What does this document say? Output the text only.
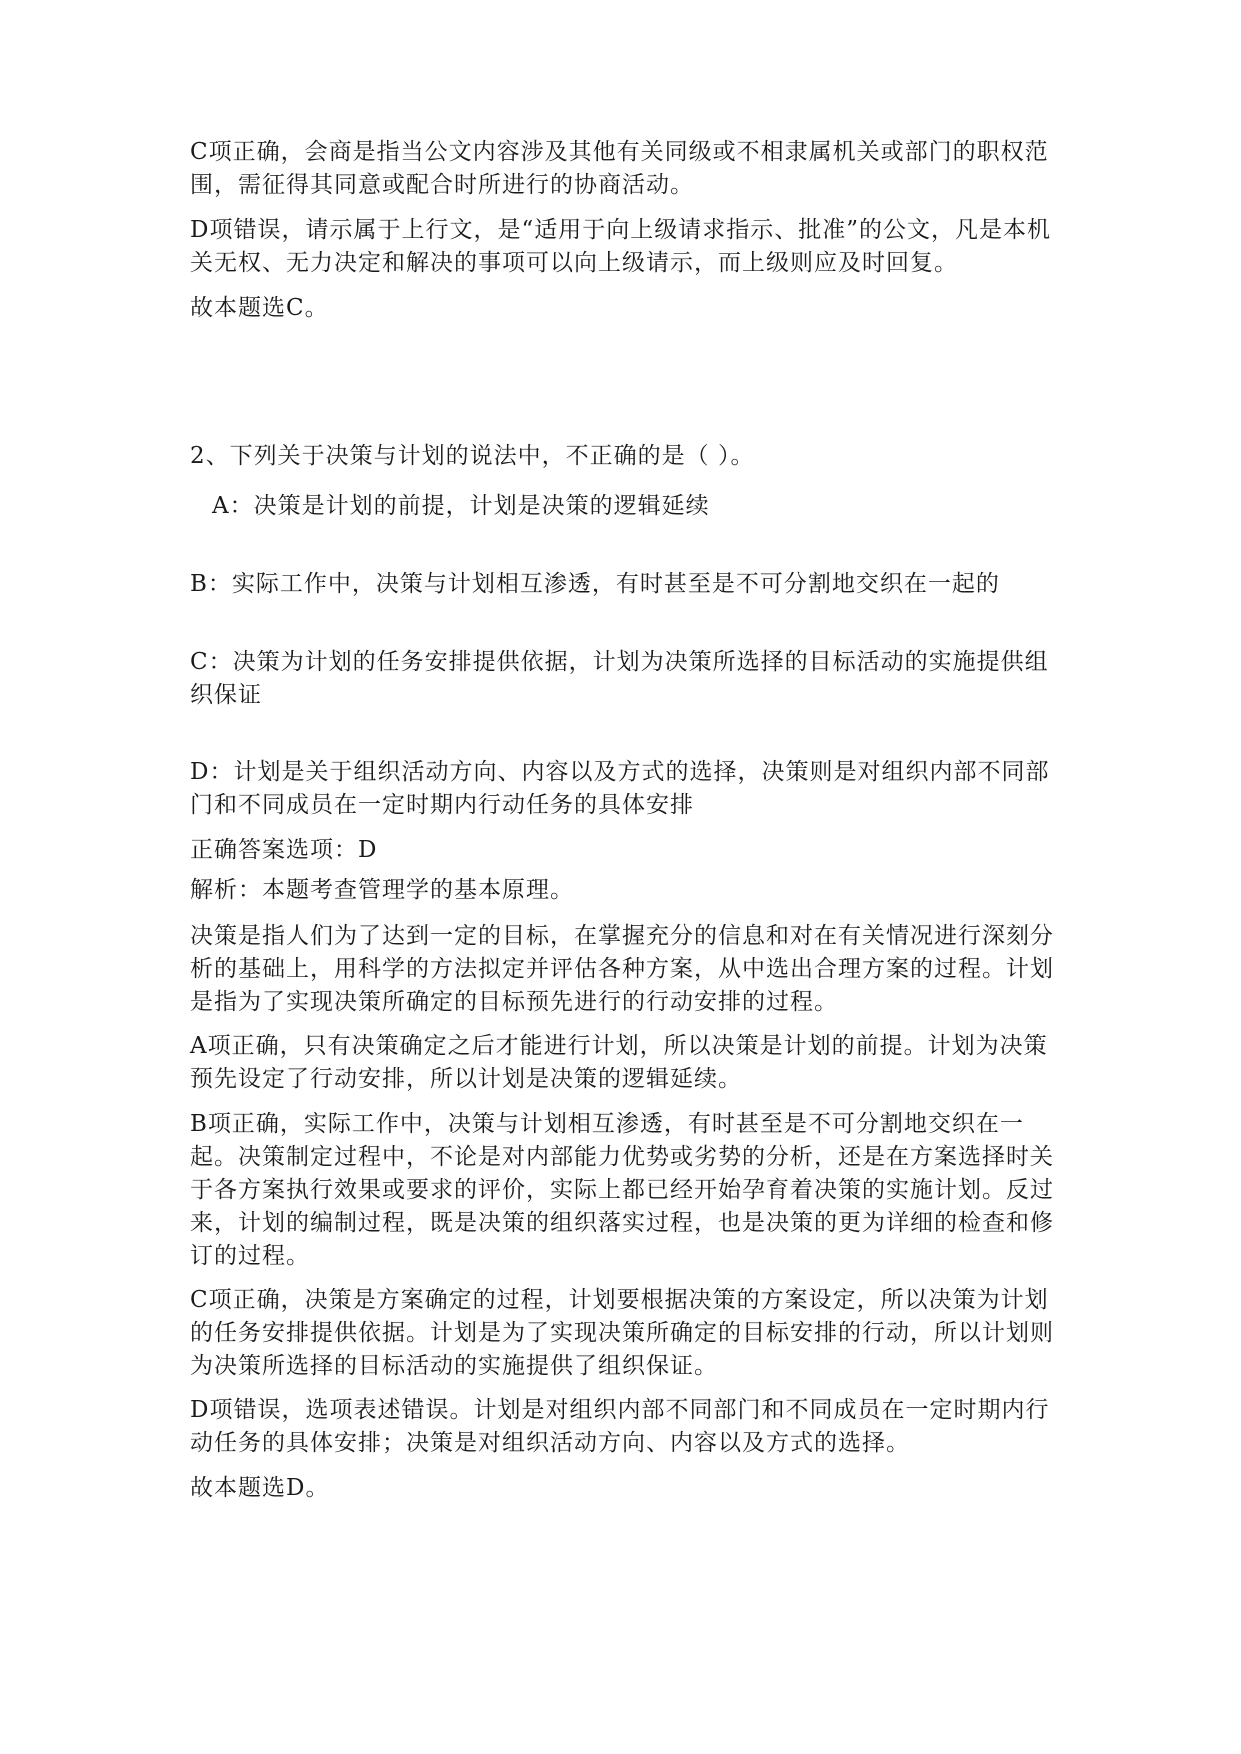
C项正确，会商是指当公文内容涉及其他有关同级或不相隶属机关或部门的职权范围，需征得其同意或配合时所进行的协商活动。

D项错误，请示属于上行文，是“适用于向上级请求指示、批准”的公文，凡是本机关无权、无力决定和解决的事项可以向上级请示，而上级则应及时回复。

故本题选C。

2、下列关于决策与计划的说法中，不正确的是（ ）。

A：决策是计划的前提，计划是决策的逻辑延续

B：实际工作中，决策与计划相互渗透，有时甚至是不可分割地交织在一起的

C：决策为计划的任务安排提供依据，计划为决策所选择的目标活动的实施提供组织保证

D：计划是关于组织活动方向、内容以及方式的选择，决策则是对组织内部不同部门和不同成员在一定时期内行动任务的具体安排

正确答案选项：D

解析：本题考查管理学的基本原理。

决策是指人们为了达到一定的目标，在掌握充分的信息和对在有关情况进行深刻分析的基础上，用科学的方法拟定并评估各种方案，从中选出合理方案的过程。计划是指为了实现决策所确定的目标预先进行的行动安排的过程。

A项正确，只有决策确定之后才能进行计划，所以决策是计划的前提。计划为决策预先设定了行动安排，所以计划是决策的逻辑延续。

B项正确，实际工作中，决策与计划相互渗透，有时甚至是不可分割地交织在一起。决策制定过程中，不论是对内部能力优势或劣势的分析，还是在方案选择时关于各方案执行效果或要求的评价，实际上都已经开始孕育着决策的实施计划。反过来，计划的编制过程，既是决策的组织落实过程，也是决策的更为详细的检查和修订的过程。

C项正确，决策是方案确定的过程，计划要根据决策的方案设定，所以决策为计划的任务安排提供依据。计划是为了实现决策所确定的目标安排的行动，所以计划则为决策所选择的目标活动的实施提供了组织保证。

D项错误，选项表述错误。计划是对组织内部不同部门和不同成员在一定时期内行动任务的具体安排；决策是对组织活动方向、内容以及方式的选择。

故本题选D。
